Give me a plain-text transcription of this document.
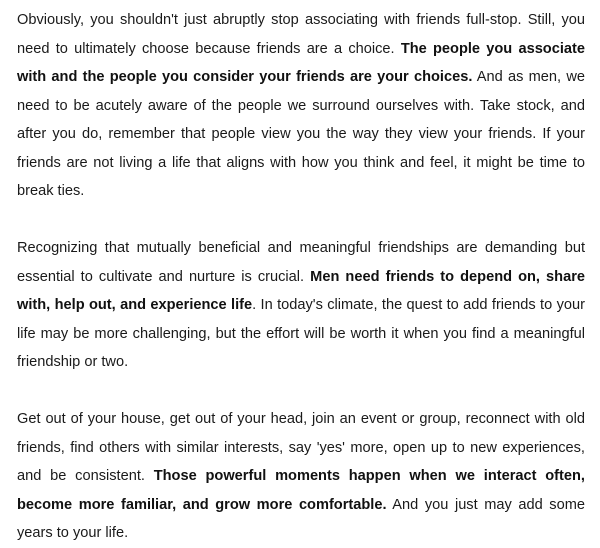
Obviously, you shouldn't just abruptly stop associating with friends full-stop. Still, you need to ultimately choose because friends are a choice. The people you associate with and the people you consider your friends are your choices. And as men, we need to be acutely aware of the people we surround ourselves with. Take stock, and after you do, remember that people view you the way they view your friends. If your friends are not living a life that aligns with how you think and feel, it might be time to break ties.

Recognizing that mutually beneficial and meaningful friendships are demanding but essential to cultivate and nurture is crucial. Men need friends to depend on, share with, help out, and experience life. In today's climate, the quest to add friends to your life may be more challenging, but the effort will be worth it when you find a meaningful friendship or two.

Get out of your house, get out of your head, join an event or group, reconnect with old friends, find others with similar interests, say 'yes' more, open up to new experiences, and be consistent. Those powerful moments happen when we interact often, become more familiar, and grow more comfortable. And you just may add some years to your life.
